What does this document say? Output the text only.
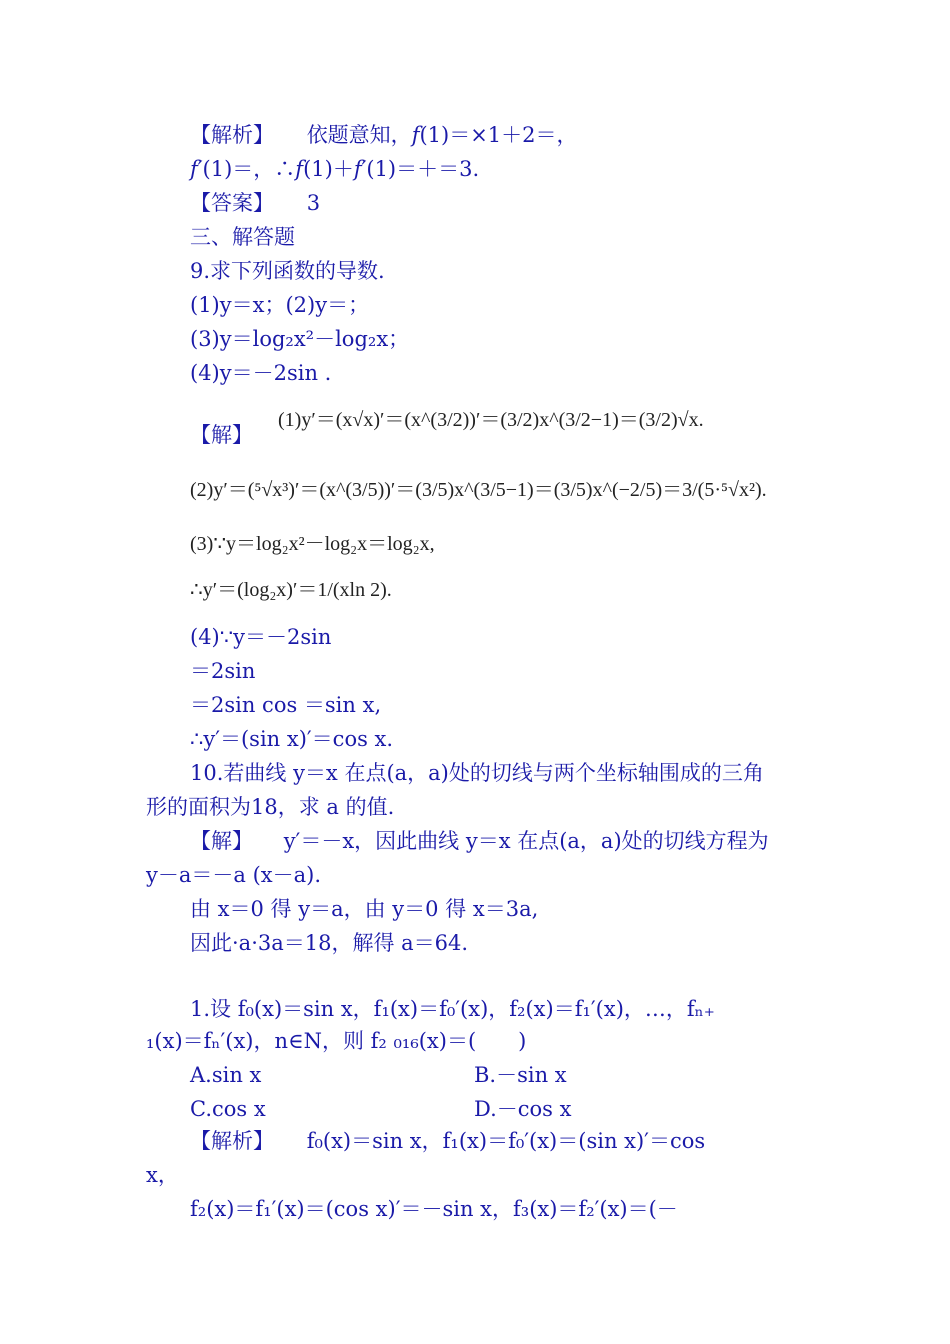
【解析】 依题意知，f(1)＝×1＋2＝，
f′(1)＝，∴f(1)＋f′(1)＝＋＝3.
【答案】 3
三、解答题
9.求下列函数的导数.
(1)y＝x；(2)y＝；
(3)y＝log₂x²－log₂x；
(4)y＝－2sin .
【解】
(1)y′＝(x√x)′＝(x^(3/2))′＝(3/2)x^(3/2−1)＝(3/2)√x.
(2)y′＝(⁵√x³)′＝(x^(3/5))′＝(3/5)x^(3/5−1)＝(3/5)x^(−2/5)＝3/(5·⁵√x²).
(3)∵y＝log₂x²－log₂x＝log₂x,
∴y′＝(log₂x)′＝1/(xln 2).
(4)∵y＝－2sin
＝2sin
＝2sin cos ＝sin x,
∴y′＝(sin x)′＝cos x.
10.若曲线 y＝x 在点(a，a)处的切线与两个坐标轴围成的三角
形的面积为18，求 a 的值.
【解】 y′＝－x，因此曲线 y＝x 在点(a，a)处的切线方程为
y－a＝－a (x－a).
由 x＝0 得 y＝a，由 y＝0 得 x＝3a,
因此·a·3a＝18，解得 a＝64.
1.设 f₀(x)＝sin x，f₁(x)＝f₀′(x)，f₂(x)＝f₁′(x)，…，fₙ₊
₁(x)＝fₙ′(x)，n∈N，则 f₂ ₀₁₆(x)＝(　　)
A.sin x	B.－sin x
C.cos x	D.－cos x
【解析】 f₀(x)＝sin x，f₁(x)＝f₀′(x)＝(sin x)′＝cos
x，
f₂(x)＝f₁′(x)＝(cos x)′＝－sin x，f₃(x)＝f₂′(x)＝(－
